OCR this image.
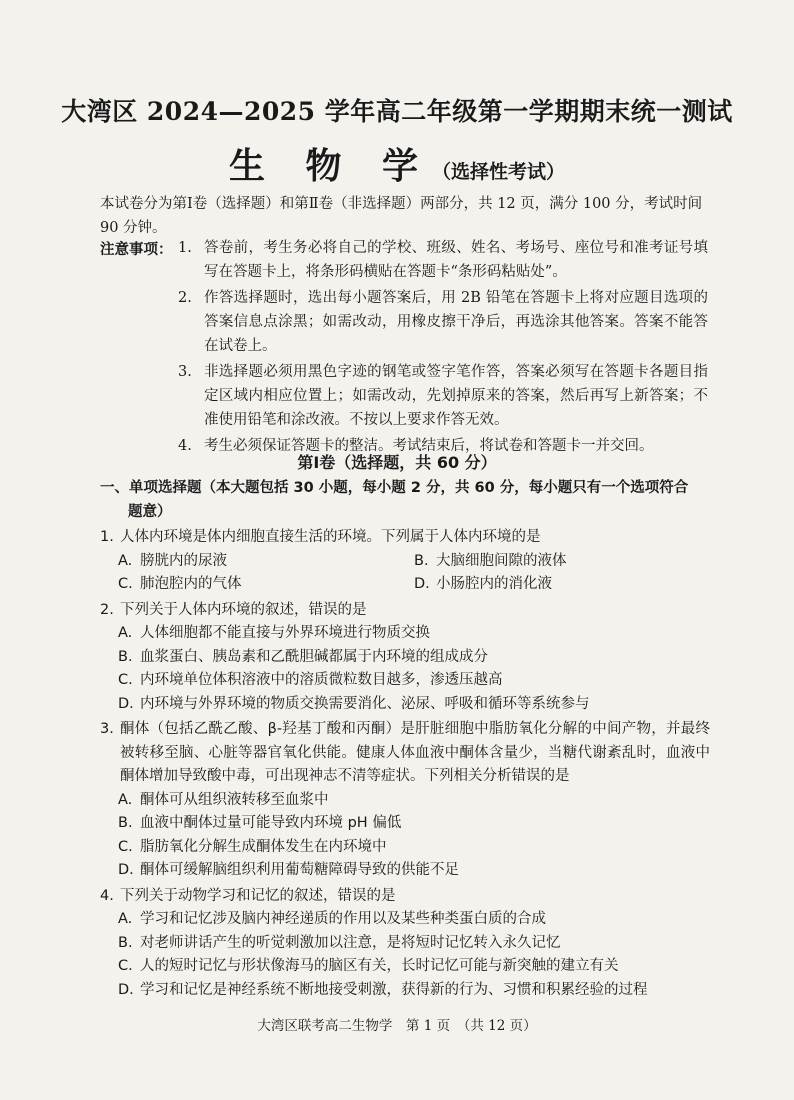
大湾区 2024—2025 学年高二年级第一学期期末统一测试
生 物 学（选择性考试）
本试卷分为第Ⅰ卷（选择题）和第Ⅱ卷（非选择题）两部分，共 12 页，满分 100 分，考试时间 90 分钟。
注意事项： 1. 答卷前，考生务必将自己的学校、班级、姓名、考场号、座位号和准考证号填写在答题卡上，将条形码横贴在答题卡“条形码粘贴处”。
2. 作答选择题时，选出每小题答案后，用 2B 铅笔在答题卡上将对应题目选项的答案信息点涂黑；如需改动，用橡皮擦干净后，再选涂其他答案。答案不能答在试卷上。
3. 非选择题必须用黑色字迹的钢笔或签字笔作答，答案必须写在答题卡各题目指定区域内相应位置上；如需改动，先划掉原来的答案，然后再写上新答案；不准使用铅笔和涂改液。不按以上要求作答无效。
4. 考生必须保证答题卡的整洁。考试结束后，将试卷和答题卡一并交回。
第Ⅰ卷（选择题，共 60 分）
一、单项选择题（本大题包括 30 小题，每小题 2 分，共 60 分，每小题只有一个选项符合
题意）
1. 人体内环境是体内细胞直接生活的环境。下列属于人体内环境的是
A. 膀胱内的尿液	B. 大脑细胞间隙的液体
C. 肺泡腔内的气体	D. 小肠腔内的消化液
2. 下列关于人体内环境的叙述，错误的是
A. 人体细胞都不能直接与外界环境进行物质交换
B. 血浆蛋白、胰岛素和乙酰胆碱都属于内环境的组成成分
C. 内环境单位体积溶液中的溶质微粒数目越多，渗透压越高
D. 内环境与外界环境的物质交换需要消化、泌尿、呼吸和循环等系统参与
3. 酮体（包括乙酰乙酸、β-羟基丁酸和丙酮）是肝脏细胞中脂肪氧化分解的中间产物，并最终被转移至脑、心脏等器官氧化供能。健康人体血液中酮体含量少，当糖代谢紊乱时，血液中酮体增加导致酸中毒，可出现神志不清等症状。下列相关分析错误的是
A. 酮体可从组织液转移至血浆中
B. 血液中酮体过量可能导致内环境 pH 偏低
C. 脂肪氧化分解生成酮体发生在内环境中
D. 酮体可缓解脑组织利用葡萄糖障碍导致的供能不足
4. 下列关于动物学习和记忆的叙述，错误的是
A. 学习和记忆涉及脑内神经递质的作用以及某些种类蛋白质的合成
B. 对老师讲话产生的听觉刺激加以注意，是将短时记忆转入永久记忆
C. 人的短时记忆与形状像海马的脑区有关，长时记忆可能与新突触的建立有关
D. 学习和记忆是神经系统不断地接受刺激，获得新的行为、习惯和积累经验的过程
大湾区联考高二生物学　第 1 页　（共 12 页）
